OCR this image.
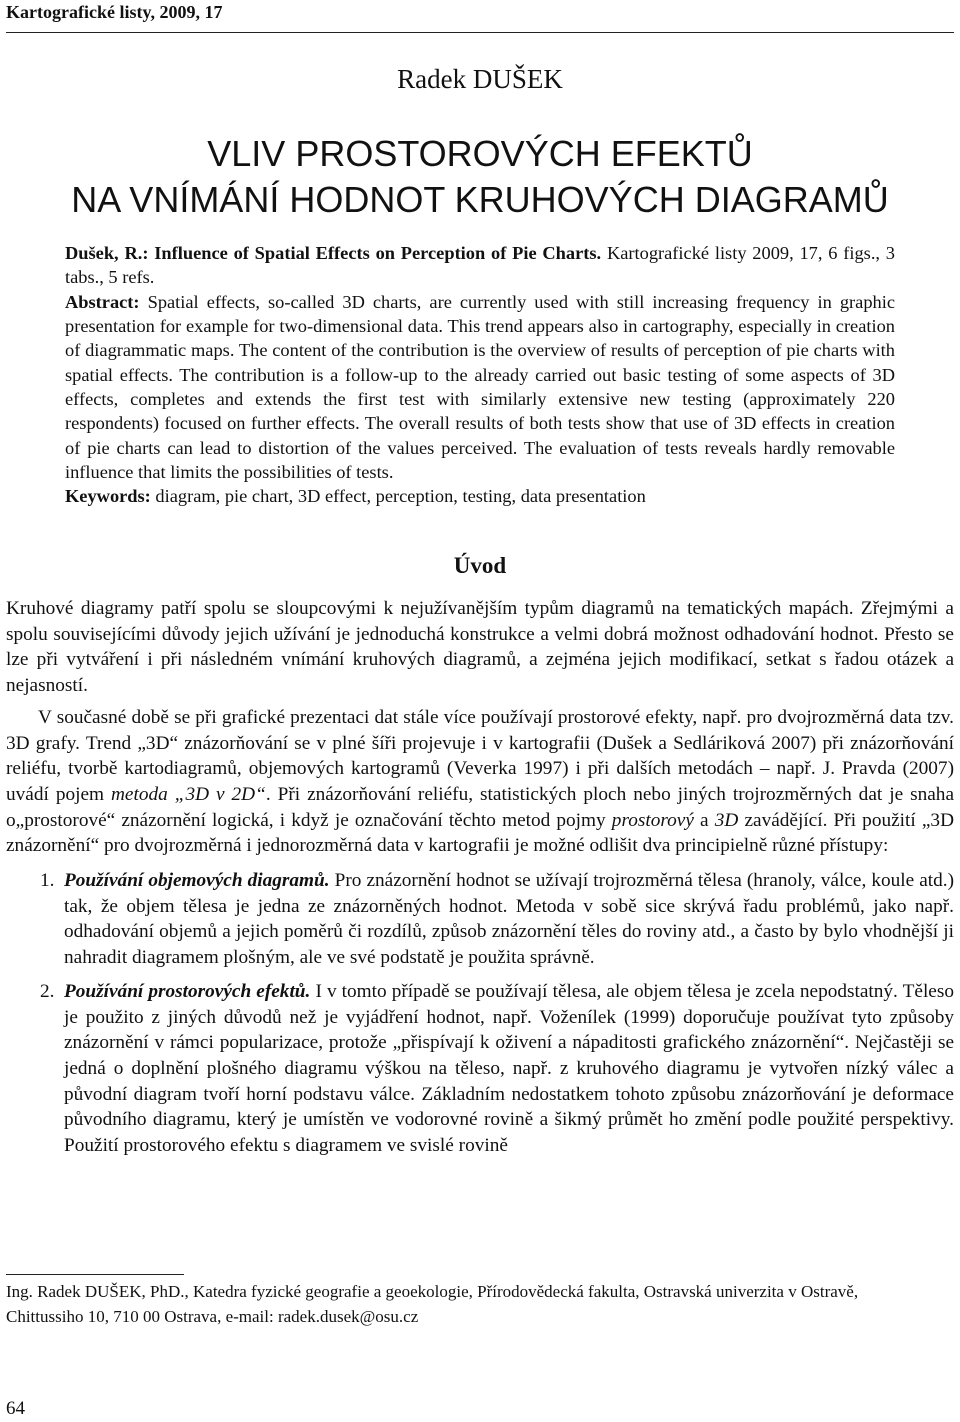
Kartografické listy, 2009, 17
Radek DUŠEK
VLIV PROSTOROVÝCH EFEKTŮ
NA VNÍMÁNÍ HODNOT KRUHOVÝCH DIAGRAMŮ

Dušek, R.: Influence of Spatial Effects on Perception of Pie Charts. Kartografické listy 2009, 17, 6 figs., 3 tabs., 5 refs.

Abstract: Spatial effects, so-called 3D charts, are currently used with still increasing frequency in graphic presentation for example for two-dimensional data. This trend appears also in cartography, especially in creation of diagrammatic maps. The content of the contribution is the overview of results of perception of pie charts with spatial effects. The contribution is a follow-up to the already carried out basic testing of some aspects of 3D effects, completes and extends the first test with similarly extensive new testing (approximately 220 respondents) focused on further effects. The overall results of both tests show that use of 3D effects in creation of pie charts can lead to distortion of the values perceived. The evaluation of tests reveals hardly removable influence that limits the possibilities of tests.

Keywords: diagram, pie chart, 3D effect, perception, testing, data presentation

Úvod

Kruhové diagramy patří spolu se sloupcovými k nejužívanějším typům diagramů na tematických mapách. Zřejmými a spolu souvisejícími důvody jejich užívání je jednoduchá konstrukce a velmi dobrá možnost odhadování hodnot. Přesto se lze při vytváření i při následném vnímání kruhových diagramů, a zejména jejich modifikací, setkat s řadou otázek a nejasností.

V současné době se při grafické prezentaci dat stále více používají prostorové efekty, např. pro dvojrozměrná data tzv. 3D grafy. Trend „3D“ znázorňování se v plné šíři projevuje i v kartografii (Dušek a Sedláriková 2007) při znázorňování reliéfu, tvorbě kartodiagramů, objemových kartogramů (Veverka 1997) i při dalších metodách – např. J. Pravda (2007) uvádí pojem metoda „3D v 2D“. Při znázorňování reliéfu, statistických ploch nebo jiných trojrozměrných dat je snaha o„prostorové“ znázornění logická, i když je označování těchto metod pojmy prostorový a 3D zavádějící. Při použití „3D znázornění“ pro dvojrozměrná i jednorozměrná data v kartografii je možné odlišit dva principielně různé přístupy:

1. Používání objemových diagramů. Pro znázornění hodnot se užívají trojrozměrná tělesa (hranoly, válce, koule atd.) tak, že objem tělesa je jedna ze znázorněných hodnot. Metoda v sobě sice skrývá řadu problémů, jako např. odhadování objemů a jejich poměrů či rozdílů, způsob znázornění těles do roviny atd., a často by bylo vhodnější ji nahradit diagramem plošným, ale ve své podstatě je použita správně.
2. Používání prostorových efektů. I v tomto případě se používají tělesa, ale objem tělesa je zcela nepodstatný. Těleso je použito z jiných důvodů než je vyjádření hodnot, např. Voženílek (1999) doporučuje používat tyto způsoby znázornění v rámci popularizace, protože „přispívají k oživení a nápaditosti grafického znázornění“. Nejčastěji se jedná o doplnění plošného diagramu výškou na těleso, např. z kruhového diagramu je vytvořen nízký válec a původní diagram tvoří horní podstavu válce. Základním nedostatkem tohoto způsobu znázorňování je deformace původního diagramu, který je umístěn ve vodorovné rovině a šikmý průmět ho změní podle použité perspektivy. Použití prostorového efektu s diagramem ve svislé rovině
Ing. Radek DUŠEK, PhD., Katedra fyzické geografie a geoekologie, Přírodovědecká fakulta, Ostravská univerzita v Ostravě, Chittussiho 10, 710 00 Ostrava, e-mail: radek.dusek@osu.cz
64
